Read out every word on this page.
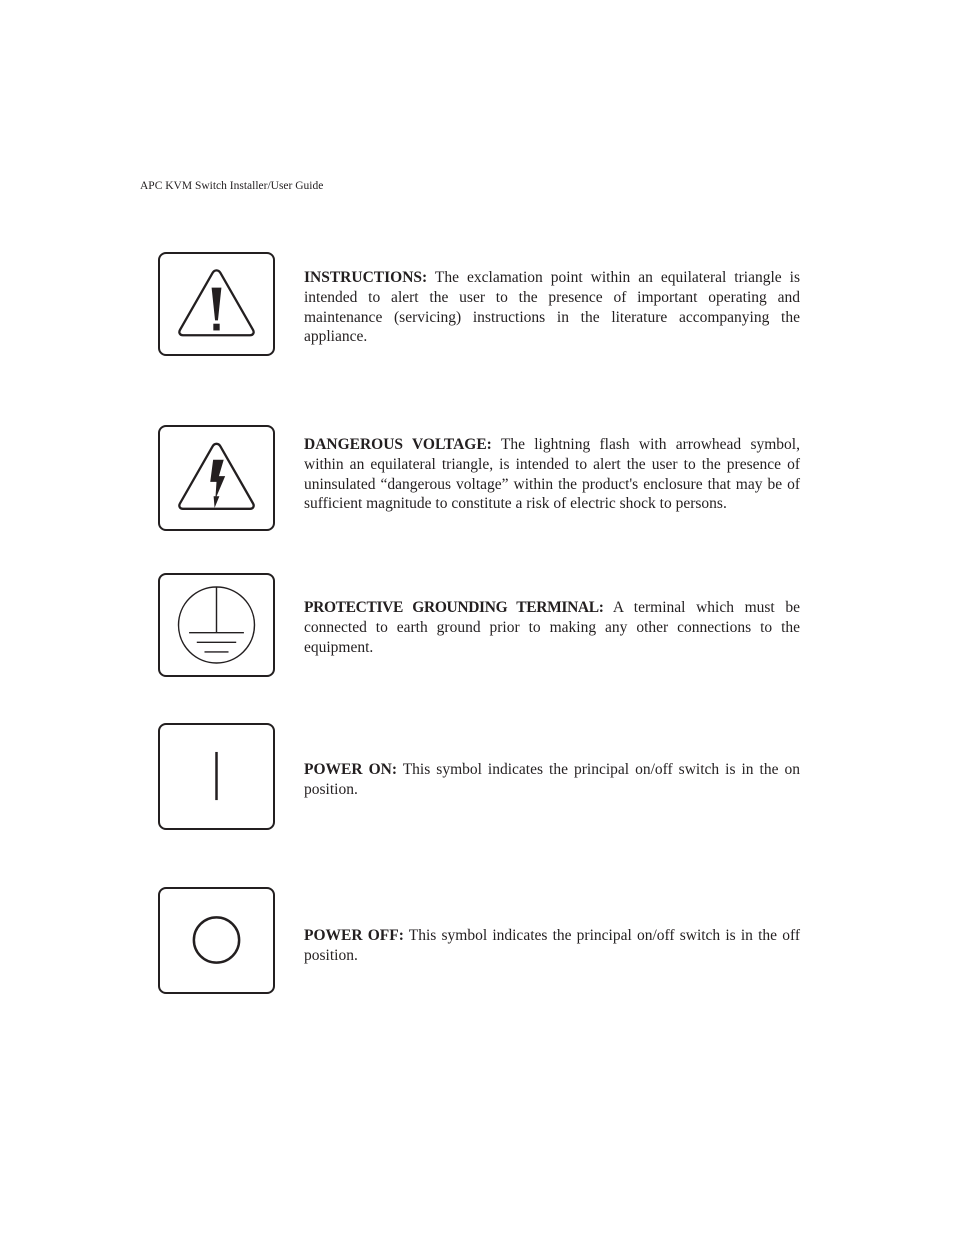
APC KVM Switch Installer/User Guide

INSTRUCTIONS: The exclamation point within an equilateral triangle is intended to alert the user to the presence of important operating and maintenance (servicing) instructions in the literature accompanying the appliance.

DANGEROUS VOLTAGE: The lightning flash with arrowhead symbol, within an equilateral triangle, is intended to alert the user to the presence of uninsulated “dangerous voltage” within the product's enclosure that may be of sufficient magnitude to constitute a risk of electric shock to persons.

PROTECTIVE GROUNDING TERMINAL: A terminal which must be connected to earth ground prior to making any other connections to the equipment.

POWER ON: This symbol indicates the principal on/off switch is in the on position.

POWER OFF: This symbol indicates the principal on/off switch is in the off position.
